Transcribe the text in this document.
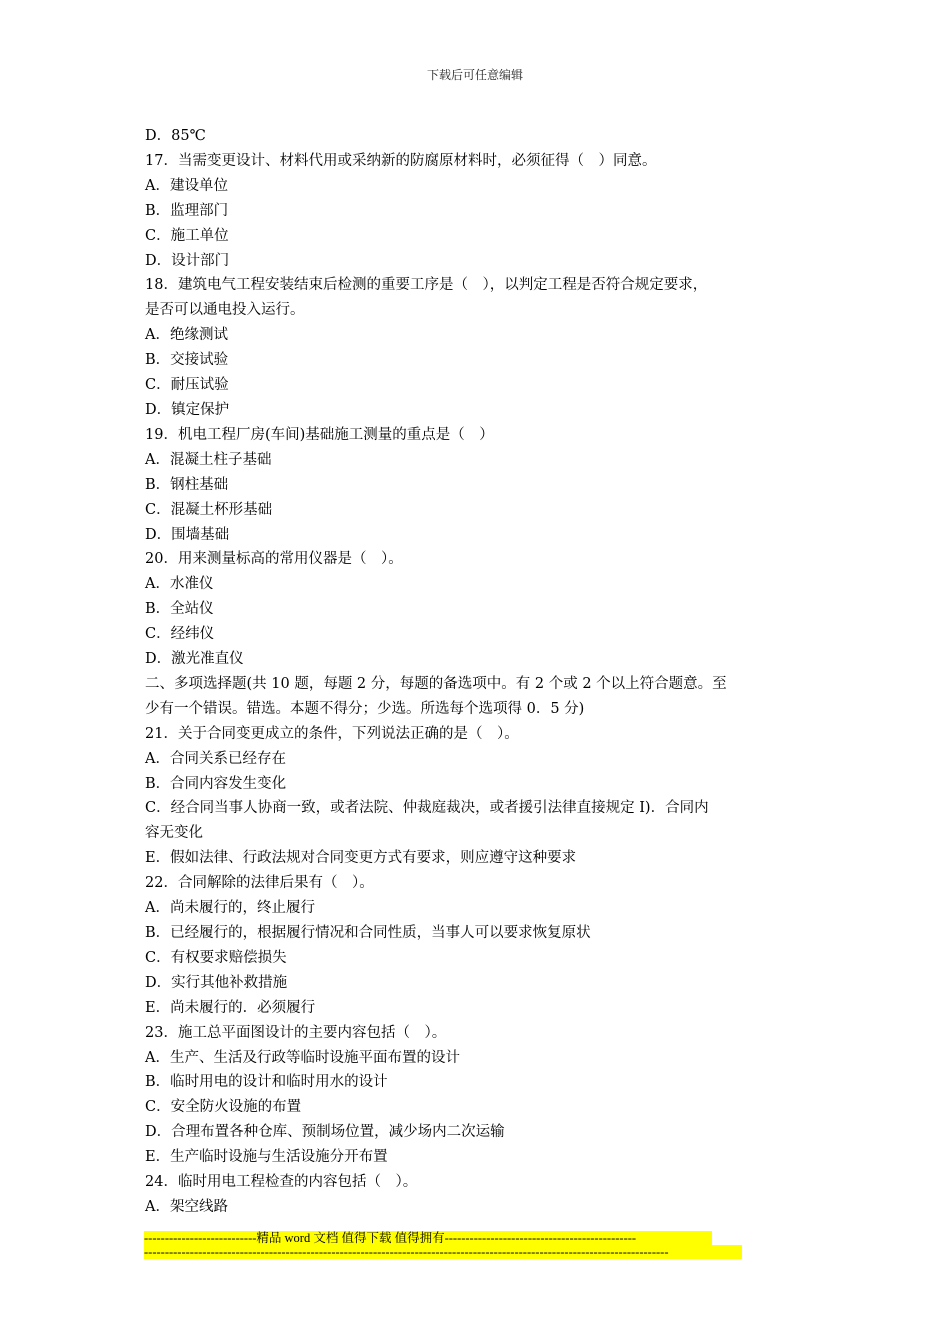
下载后可任意编辑
D．85℃
17．当需变更设计、材料代用或采纳新的防腐原材料时，必须征得（　）同意。
A．建设单位
B．监理部门
C．施工单位
D．设计部门
18．建筑电气工程安装结束后检测的重要工序是（　），以判定工程是否符合规定要求，
是否可以通电投入运行。
A．绝缘测试
B．交接试验
C．耐压试验
D．镇定保护
19．机电工程厂房(车间)基础施工测量的重点是（　）
A．混凝土柱子基础
B．钢柱基础
C．混凝土杯形基础
D．围墙基础
20．用来测量标高的常用仪器是（　）。
A．水准仪
B．全站仪
C．经纬仪
D．激光准直仪
二、多项选择题(共 10 题，每题 2 分，每题的备选项中。有 2 个或 2 个以上符合题意。至
少有一个错误。错选。本题不得分；少选。所选每个选项得 0．5 分)
21．关于合同变更成立的条件，下列说法正确的是（　）。
A．合同关系已经存在
B．合同内容发生变化
C．经合同当事人协商一致，或者法院、仲裁庭裁决，或者援引法律直接规定 I)．合同内
容无变化
E．假如法律、行政法规对合同变更方式有要求，则应遵守这种要求
22．合同解除的法律后果有（　）。
A．尚未履行的，终止履行
B．已经履行的，根据履行情况和合同性质，当事人可以要求恢复原状
C．有权要求赔偿损失
D．实行其他补救措施
E．尚未履行的．必须履行
23．施工总平面图设计的主要内容包括（　）。
A．生产、生活及行政等临时设施平面布置的设计
B．临时用电的设计和临时用水的设计
C．安全防火设施的布置
D．合理布置各种仓库、预制场位置，减少场内二次运输
E．生产临时设施与生活设施分开布置
24．临时用电工程检查的内容包括（　）。
A．架空线路
---------------------------精品 word 文档 值得下载 值得拥有----------------------------------------------
------------------------------------------------------------------------------------------------------------------------------
